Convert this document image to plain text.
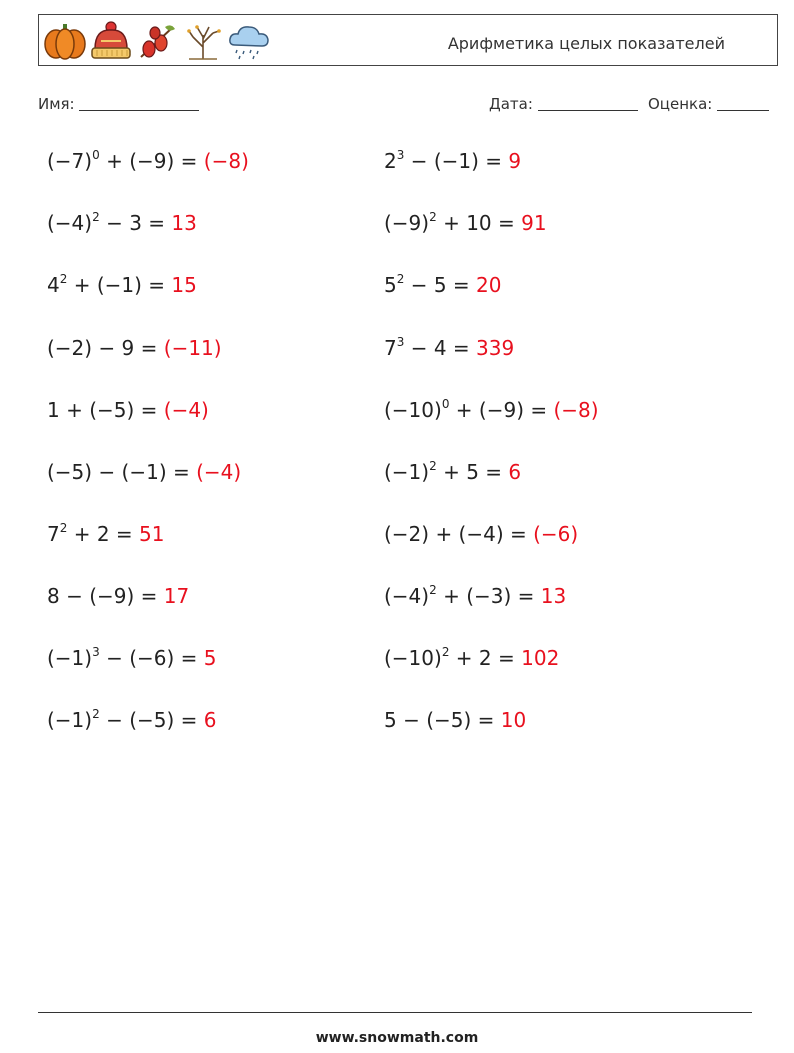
Арифметика целых показателей
Имя:	Дата:	Оценка:
$(-7)^0 + (-9) = (-8)$
$(-4)^2 - 3 = 13$
$4^2 + (-1) = 15$
(−2) − 9 = (−11)
1 + (−5) = (−4)
(−5) − (−1) = (−4)
$7^2 + 2 = 51$
8 − (−9) = 17
$(-1)^3 - (-6) = 5$
$(-1)^2 - (-5) = 6$
$2^3 - (-1) = 9$
$(-9)^2 + 10 = 91$
$5^2 - 5 = 20$
$7^3 - 4 = 339$
$(-10)^0 + (-9) = (-8)$
$(-1)^2 + 5 = 6$
(−2) + (−4) = (−6)
$(-4)^2 + (-3) = 13$
$(-10)^2 + 2 = 102$
5 − (−5) = 10
www.snowmath.com
